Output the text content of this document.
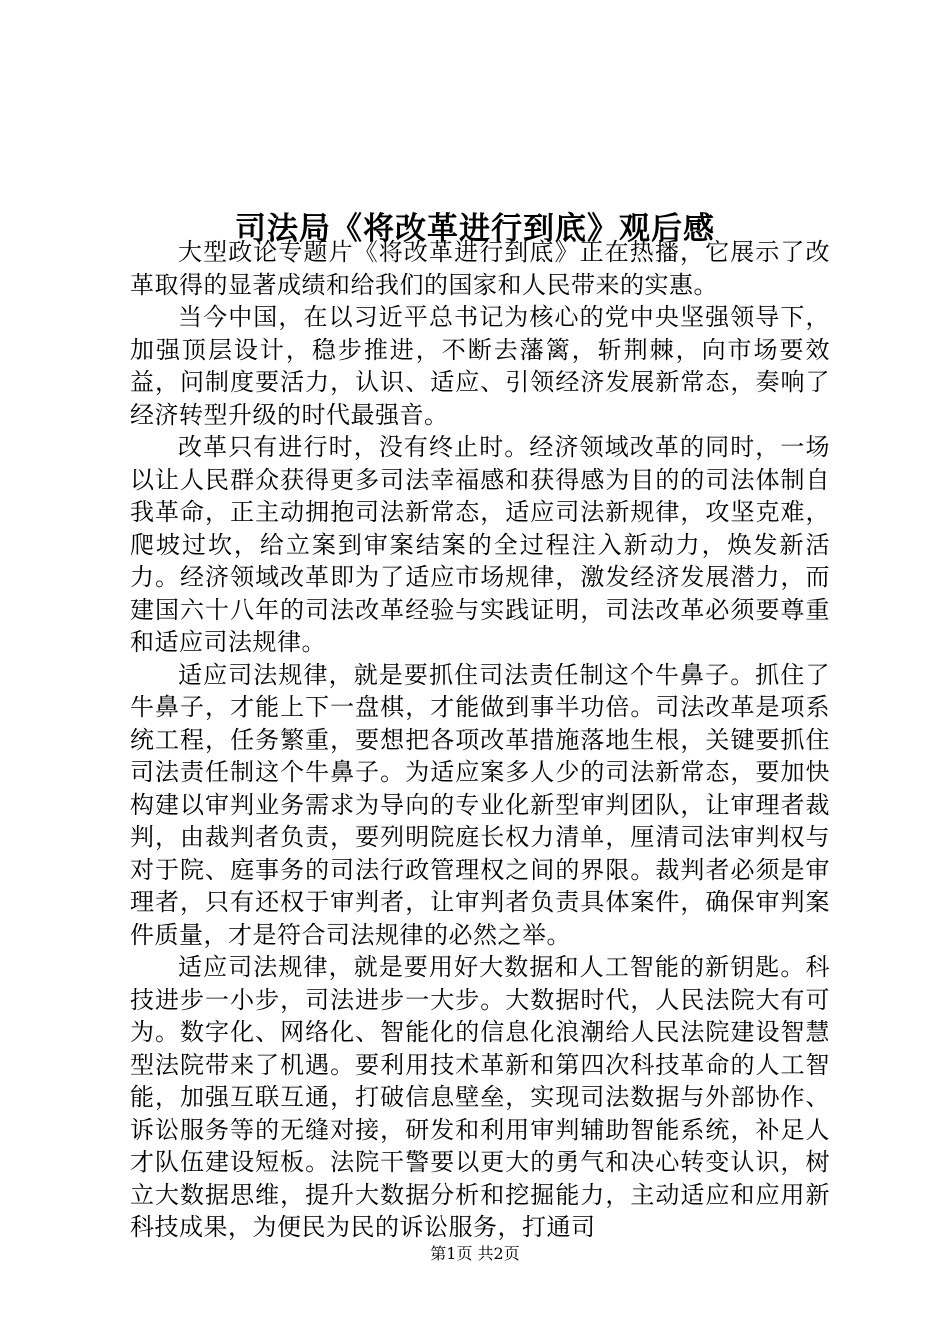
司法局《将改革进行到底》观后感

大型政论专题片《将改革进行到底》正在热播，它展示了改革取得的显著成绩和给我们的国家和人民带来的实惠。

当今中国，在以习近平总书记为核心的党中央坚强领导下，加强顶层设计，稳步推进，不断去藩篱，斩荆棘，向市场要效益，问制度要活力，认识、适应、引领经济发展新常态，奏响了经济转型升级的时代最强音。

改革只有进行时，没有终止时。经济领域改革的同时，一场以让人民群众获得更多司法幸福感和获得感为目的的司法体制自我革命，正主动拥抱司法新常态，适应司法新规律，攻坚克难，爬坡过坎，给立案到审案结案的全过程注入新动力，焕发新活力。经济领域改革即为了适应市场规律，激发经济发展潜力，而建国六十八年的司法改革经验与实践证明，司法改革必须要尊重和适应司法规律。

适应司法规律，就是要抓住司法责任制这个牛鼻子。抓住了牛鼻子，才能上下一盘棋，才能做到事半功倍。司法改革是项系统工程，任务繁重，要想把各项改革措施落地生根，关键要抓住司法责任制这个牛鼻子。为适应案多人少的司法新常态，要加快构建以审判业务需求为导向的专业化新型审判团队，让审理者裁判，由裁判者负责，要列明院庭长权力清单，厘清司法审判权与对于院、庭事务的司法行政管理权之间的界限。裁判者必须是审理者，只有还权于审判者，让审判者负责具体案件，确保审判案件质量，才是符合司法规律的必然之举。

适应司法规律，就是要用好大数据和人工智能的新钥匙。科技进步一小步，司法进步一大步。大数据时代，人民法院大有可为。数字化、网络化、智能化的信息化浪潮给人民法院建设智慧型法院带来了机遇。要利用技术革新和第四次科技革命的人工智能，加强互联互通，打破信息壁垒，实现司法数据与外部协作、诉讼服务等的无缝对接，研发和利用审判辅助智能系统，补足人才队伍建设短板。法院干警要以更大的勇气和决心转变认识，树立大数据思维，提升大数据分析和挖掘能力，主动适应和应用新科技成果，为便民为民的诉讼服务，打通司

第1页 共2页
